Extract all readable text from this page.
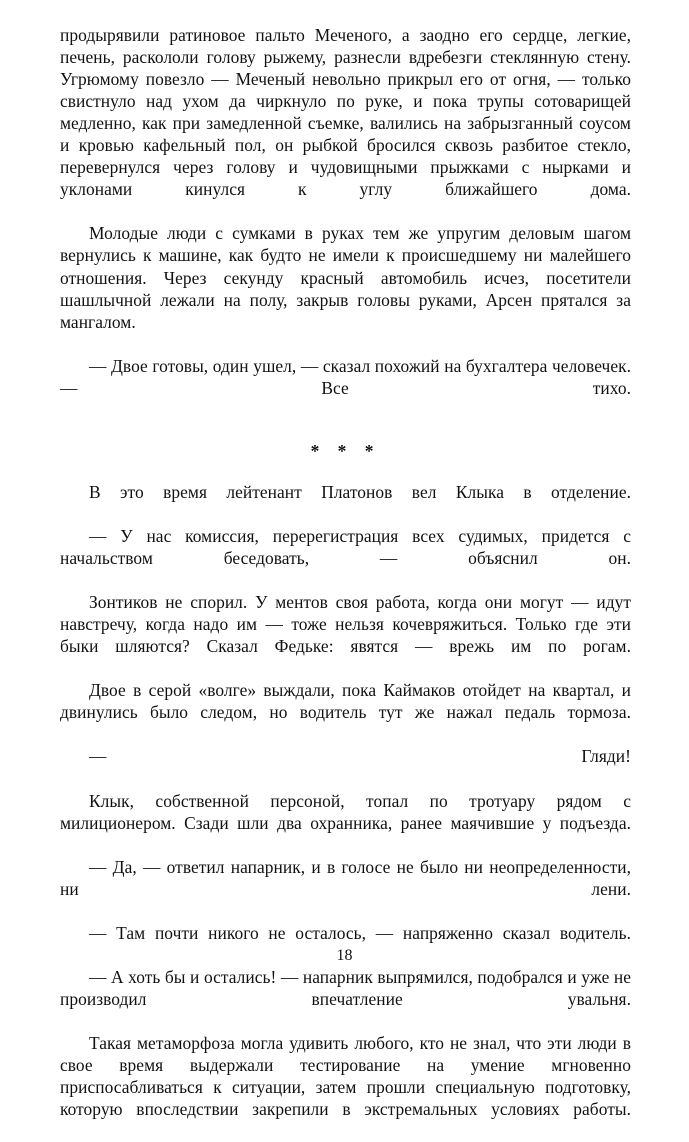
продырявили ратиновое пальто Меченого, а заодно его сердце, легкие, печень, раскололи голову рыжему, разнесли вдребезги стеклянную стену. Угрюмому повезло — Меченый невольно прикрыл его от огня, — только свистнуло над ухом да чиркнуло по руке, и пока трупы сотоварищей медленно, как при замедленной съемке, валились на забрызганный соусом и кровью кафельный пол, он рыбкой бросился сквозь разбитое стекло, перевернулся через голову и чудовищными прыжками с нырками и уклонами кинулся к углу ближайшего дома.

Молодые люди с сумками в руках тем же упругим деловым шагом вернулись к машине, как будто не имели к происшедшему ни малейшего отношения. Через секунду красный автомобиль исчез, посетители шашлычной лежали на полу, закрыв головы руками, Арсен прятался за мангалом.

— Двое готовы, один ушел, — сказал похожий на бухгалтера человечек. — Все тихо.

* * *

В это время лейтенант Платонов вел Клыка в отделение.

— У нас комиссия, перерегистрация всех судимых, придется с начальством беседовать, — объяснил он.

Зонтиков не спорил. У ментов своя работа, когда они могут — идут навстречу, когда надо им — тоже нельзя кочевряжиться. Только где эти быки шляются? Сказал Федьке: явятся — врежь им по рогам.

Двое в серой «волге» выждали, пока Каймаков отойдет на квартал, и двинулись было следом, но водитель тут же нажал педаль тормоза.

— Гляди!

Клык, собственной персоной, топал по тротуару рядом с милиционером. Сзади шли два охранника, ранее маячившие у подъезда.

— Да, — ответил напарник, и в голосе не было ни неопределенности, ни лени.

— Там почти никого не осталось, — напряженно сказал водитель.

— А хоть бы и остались! — напарник выпрямился, подобрался и уже не производил впечатление увальня.

Такая метаморфоза могла удивить любого, кто не знал, что эти люди в свое время выдержали тестирование на умение мгновенно приспосабливаться к ситуации, затем прошли специальную подготовку, которую впоследствии закрепили в экстремальных условиях работы.

18
